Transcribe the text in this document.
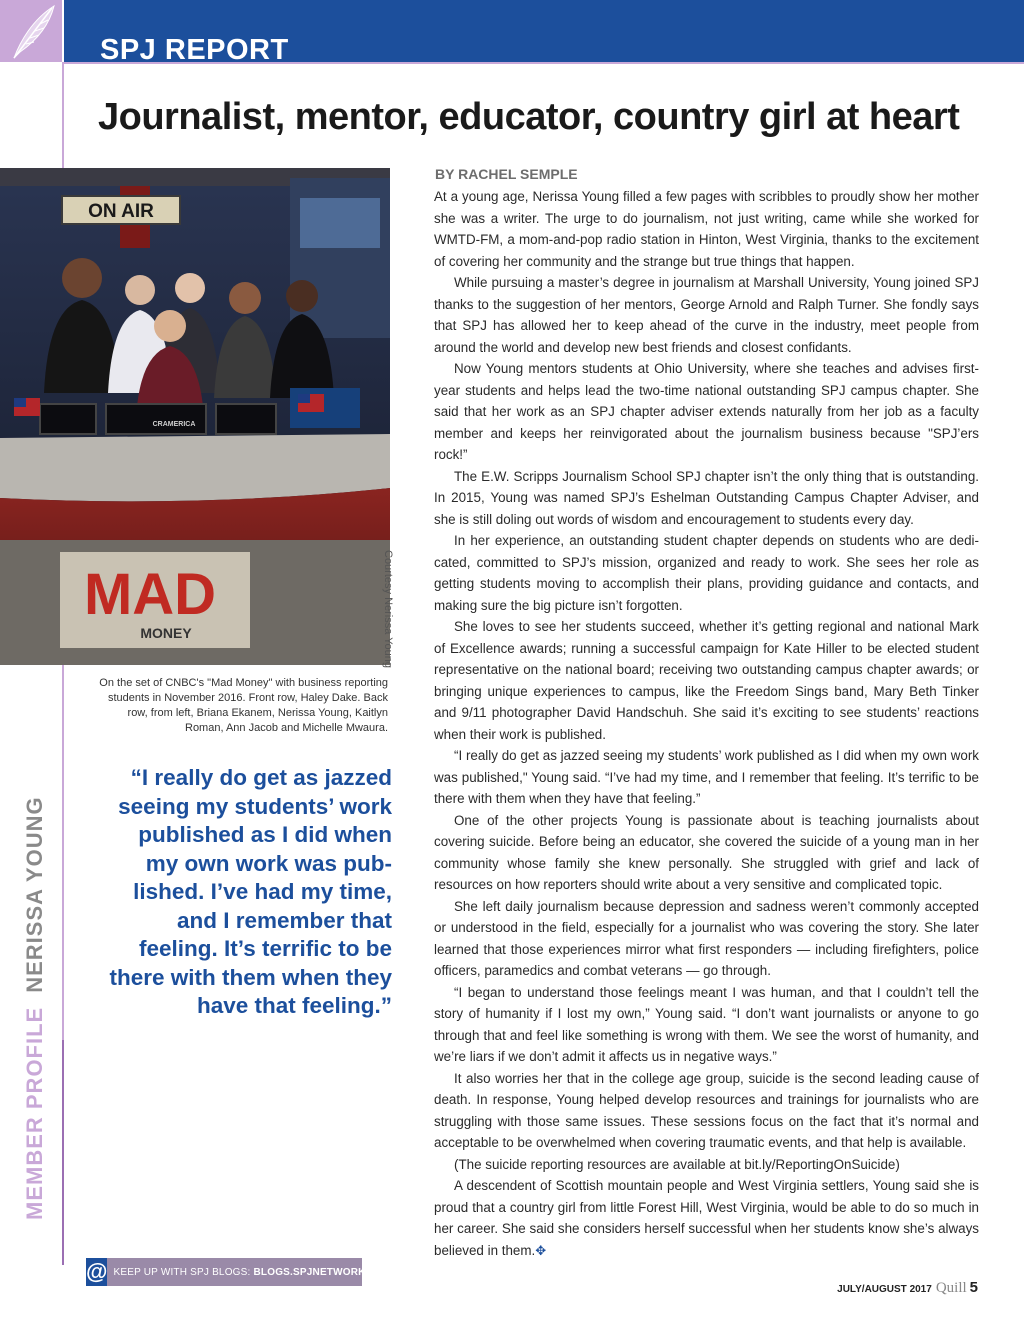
MEMBER PROFILENERISSA YOUNG
SPJ REPORT
Journalist, mentor, educator, country girl at heart
ON AIR
CRAMERICA
MAD
MONEY	Courtesy Nerissa Young

On the set of CNBC's "Mad Money" with business reporting students in November 2016. Front row, Haley Dake. Back row, from left, Briana Ekanem, Nerissa Young, Kaitlyn Roman, Ann Jacob and Michelle Mwaura.

“I really do get as jazzed seeing my students’ work published as I did when my own work was pub-lished. I’ve had my time, and I remember that feeling. It’s terrific to be there with them when they have that feeling.”
BY RACHEL SEMPLE

At a young age, Nerissa Young filled a few pages with scribbles to proudly show her mother she was a writer. The urge to do journalism, not just writing, came while she worked for WMTD-FM, a mom-and-pop radio station in Hinton, West Virginia, thanks to the excitement of covering her community and the strange but true things that happen.

While pursuing a master’s degree in journalism at Marshall University, Young joined SPJ thanks to the suggestion of her mentors, George Arnold and Ralph Turner. She fondly says that SPJ has allowed her to keep ahead of the curve in the industry, meet people from around the world and develop new best friends and closest confidants.

Now Young mentors students at Ohio University, where she teaches and advises first-year students and helps lead the two-time national outstanding SPJ campus chapter. She said that her work as an SPJ chapter adviser extends naturally from her job as a faculty member and keeps her reinvigorated about the journalism business because "SPJ’ers rock!”

The E.W. Scripps Journalism School SPJ chapter isn’t the only thing that is outstanding. In 2015, Young was named SPJ’s Eshelman Outstanding Campus Chapter Adviser, and she is still doling out words of wisdom and encouragement to students every day.

In her experience, an outstanding student chapter depends on students who are dedi-cated, committed to SPJ’s mission, organized and ready to work. She sees her role as getting students moving to accomplish their plans, providing guidance and contacts, and making sure the big picture isn’t forgotten.

She loves to see her students succeed, whether it’s getting regional and national Mark of Excellence awards; running a successful campaign for Kate Hiller to be elected student representative on the national board; receiving two outstanding campus chapter awards; or bringing unique experiences to campus, like the Freedom Sings band, Mary Beth Tinker and 9/11 photographer David Handschuh. She said it’s exciting to see students’ reactions when their work is published.

“I really do get as jazzed seeing my students’ work published as I did when my own work was published," Young said. “I’ve had my time, and I remember that feeling. It’s terrific to be there with them when they have that feeling.”

One of the other projects Young is passionate about is teaching journalists about covering suicide. Before being an educator, she covered the suicide of a young man in her community whose family she knew personally. She struggled with grief and lack of resources on how reporters should write about a very sensitive and complicated topic.

She left daily journalism because depression and sadness weren’t commonly accepted or understood in the field, especially for a journalist who was covering the story. She later learned that those experiences mirror what first responders — including firefighters, police officers, paramedics and combat veterans — go through.

“I began to understand those feelings meant I was human, and that I couldn’t tell the story of humanity if I lost my own,” Young said. “I don’t want journalists or anyone to go through that and feel like something is wrong with them. We see the worst of humanity, and we’re liars if we don’t admit it affects us in negative ways.”

It also worries her that in the college age group, suicide is the second leading cause of death. In response, Young helped develop resources and trainings for journalists who are struggling with those same issues. These sessions focus on the fact that it’s normal and acceptable to be overwhelmed when covering traumatic events, and that help is available.

(The suicide reporting resources are available at bit.ly/ReportingOnSuicide)

A descendent of Scottish mountain people and West Virginia settlers, Young said she is proud that a country girl from little Forest Hill, West Virginia, would be able to do so much in her career. She said she considers herself successful when her students know she’s always believed in them.✥

@ KEEP UP WITH SPJ BLOGS: BLOGS.SPJNETWORK.ORG
JULY/AUGUST 2017 Quill 5
